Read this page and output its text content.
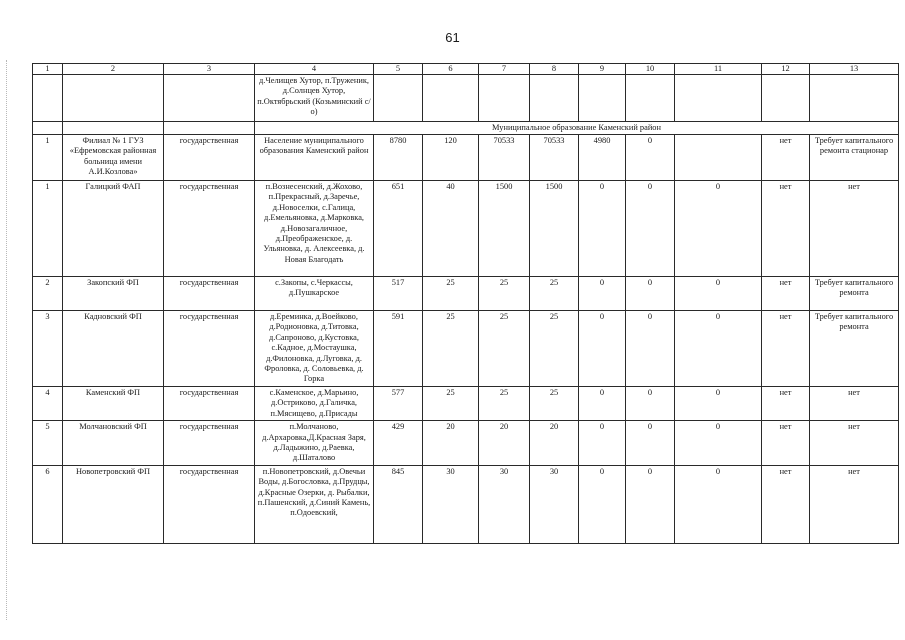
61
1	2	3	4	5	6	7	8	9	10	11	12	13
			д.Челищев Хутор, п.Труженик, д.Солнцев Хутор, п.Октябрьский (Козьминский с/о)									
			Муниципальное образование Каменский район									
1	Филиал № 1 ГУЗ «Ефремовская районная больница имени А.И.Козлова»	государственная	Население муниципального образования Каменский район	8780	120	70533	70533	4980	0		нет	Требует капитального ремонта стационар
1	Галицкий ФАП	государственная	п.Вознесенский, д.Жохово, п.Прекрасный, д.Заречье, д.Новоселки, с.Галица, д.Емельяновка, д.Марковка, д.Новозагаличное, д.Преображенское, д. Ульяновка, д. Алексеевка, д. Новая Благодать	651	40	1500	1500	0	0	0	нет	нет
2	Закопский ФП	государственная	с.Закопы, с.Черкассы, д.Пушкарское	517	25	25	25	0	0	0	нет	Требует капитального ремонта
3	Кадновский ФП	государственная	д.Ереминка, д.Воейково, д.Родионовка, д.Титовка, д.Сапроново, д.Кустовка, с.Кадное, д.Мостаушка, д.Филоновка, д.Луговка, д. Фроловка, д. Соловьевка, д. Горка	591	25	25	25	0	0	0	нет	Требует капитального ремонта
4	Каменский ФП	государственная	с.Каменское, д.Марьино, д.Остриково, д.Галичка, п.Мясищево, д.Присады	577	25	25	25	0	0	0	нет	нет
5	Молчановский ФП	государственная	п.Молчаново, д.Архаровка,Д.Красная Заря, д.Ладыжино, д.Раевка, д.Шаталово	429	20	20	20	0	0	0	нет	нет
6	Новопетровский ФП	государственная	п.Новопетровский, д.Овечьи Воды, д.Богословка, д.Прудцы, д.Красные Озерки, д. Рыбалки, п.Пашенский, д.Синий Камень, п.Одоевский,	845	30	30	30	0	0	0	нет	нет
